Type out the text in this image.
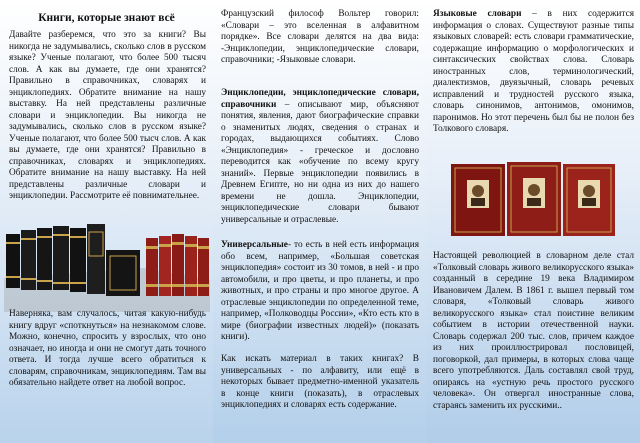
Книги, которые знают всё

Давайте разберемся, что это за книги? Вы никогда не задумывались, сколько слов в русском языке? Ученые полагают, что более 500 тысяч слов. А как вы думаете, где они хранятся? Правильно в справочниках, словарях и энциклопедиях. Обратите внимание на нашу выставку. На ней представлены различные словари и энциклопедии. Вы никогда не задумывались, сколько слов в русском языке? Ученые полагают, что более 500 тысч слов. А как вы думаете, где они хранятся? Правильно в справочниках, словарях и энциклопедиях. Обратите внимание на нашу выставку. На ней представлены различные словари и энциклопедии. Рассмотрите её повнимательнее.

Наверняка, вам случалось, читая какую-нибудь книгу вдруг «споткнуться» на незнакомом слове. Можно, конечно, спросить у взрослых, что оно означает, но иногда и они не смогут дать точного ответа. И тогда лучше всего обратиться к словарям, справочникам, энциклопедиям. Там вы обязательно найдете ответ на любой вопрос.

Французский философ Вольтер говорил: «Словари – это вселенная в алфавитном порядке». Все словари делятся на два вида: -Энциклопедии, энциклопедические словари, справочники; -Языковые словари.

Энциклопедии, энциклопедические словари, справочники – описывают мир, объясняют понятия, явления, дают биографические справки о знаменитых людях, сведения о странах и городах, выдающихся событиях. Слово «Энциклопедия» - греческое и дословно переводится как «обучение по всему кругу знаний». Первые энциклопедии появились в Древнем Египте, но ни одна из них до нашего времени не дошла. Энциклопедии, энциклопедические словари бывают универсальные и отраслевые.

Универсальные- то есть в ней есть информация обо всем, например, «Большая советская энциклопедия» состоит из 30 томов, в ней - и про автомобили, и про цветы, и про планеты, и про животных, и про страны и про многое другое. А отраслевые энциклопедии по определенной теме, например, «Полководцы России», «Кто есть кто в мире (биографии известных людей)» (показать книги).

Как искать материал в таких книгах? В универсальных - по алфавиту, или ещё в некоторых бывает предметно-именной указатель в конце книги (показать), в отраслевых энциклопедиях и словарях есть содержание.

Языковые словари – в них содержится информация о словах. Существуют разные типы языковых словарей: есть словари грамматические, содержащие информацию о морфологических и синтаксических свойствах слова. Словарь иностранных слов, терминологический, диалектизмов, двуязычный, словарь речевых исправлений и трудностей русского языка, словарь синонимов, антонимов, омонимов, паронимов. Но этот перечень был бы не полон без Толкового словаря.

Настоящей революцией в словарном деле стал «Толковый словарь живого великорусского языка» созданный в середине 19 века Владимиром Ивановичем Далем. В 1861 г. вышел первый том словаря, «Толковый словарь живого великорусского языка» стал поистине великим событием в истории отечественной науки. Словарь содержал 200 тыс. слов, причем каждое из них проиллюстрировал пословицей, поговоркой, дал примеры, в которых слова чаще всего употребляются. Даль составлял свой труд, опираясь на «устную речь простого русского человека». Он отвергал иностранные слова, стараясь заменить их русскими..
